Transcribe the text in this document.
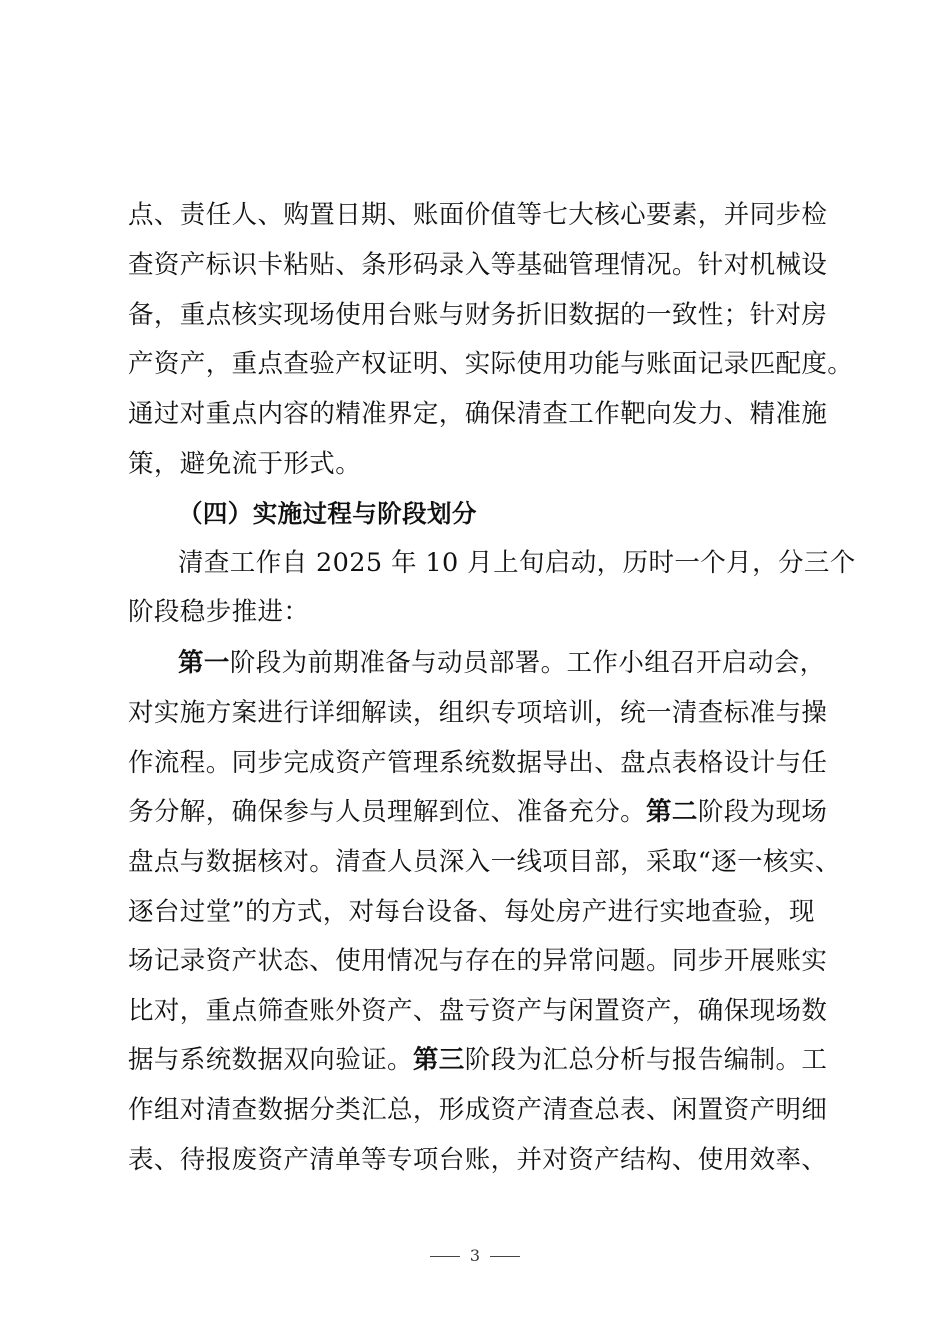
点、责任人、购置日期、账面价值等七大核心要素，并同步检
查资产标识卡粘贴、条形码录入等基础管理情况。针对机械设
备，重点核实现场使用台账与财务折旧数据的一致性；针对房
产资产，重点查验产权证明、实际使用功能与账面记录匹配度。
通过对重点内容的精准界定，确保清查工作靶向发力、精准施
策，避免流于形式。
（四）实施过程与阶段划分
清查工作自 2025 年 10 月上旬启动，历时一个月，分三个
阶段稳步推进：
第一阶段为前期准备与动员部署。工作小组召开启动会，
对实施方案进行详细解读，组织专项培训，统一清查标准与操
作流程。同步完成资产管理系统数据导出、盘点表格设计与任
务分解，确保参与人员理解到位、准备充分。第二阶段为现场
盘点与数据核对。清查人员深入一线项目部，采取“逐一核实、
逐台过堂”的方式，对每台设备、每处房产进行实地查验，现
场记录资产状态、使用情况与存在的异常问题。同步开展账实
比对，重点筛查账外资产、盘亏资产与闲置资产，确保现场数
据与系统数据双向验证。第三阶段为汇总分析与报告编制。工
作组对清查数据分类汇总，形成资产清查总表、闲置资产明细
表、待报废资产清单等专项台账，并对资产结构、使用效率、
3
